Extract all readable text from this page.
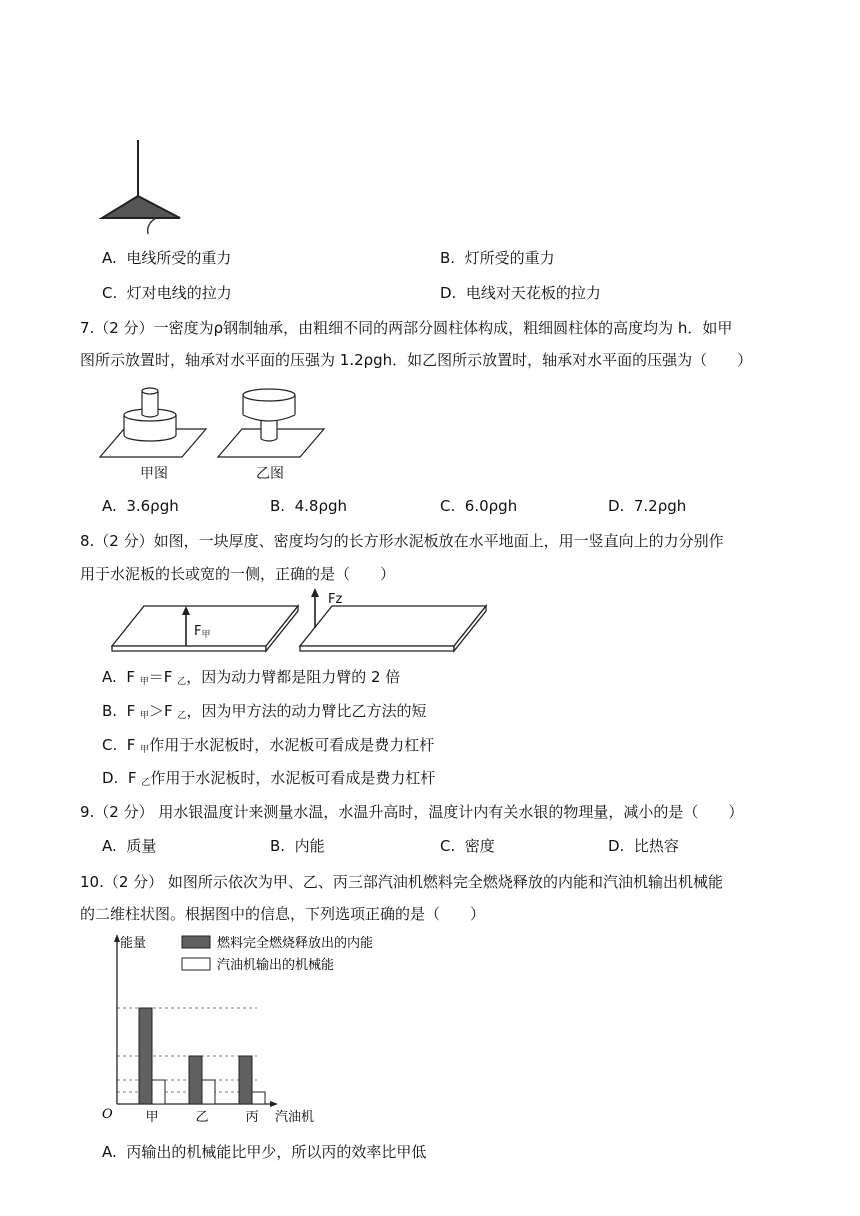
A. 电线所受的重力	B. 灯所受的重力
C. 灯对电线的拉力	D. 电线对天花板的拉力
7.（2 分）一密度为ρ钢制轴承，由粗细不同的两部分圆柱体构成，粗细圆柱体的高度均为 h．如甲
图所示放置时，轴承对水平面的压强为 1.2ρgh．如乙图所示放置时，轴承对水平面的压强为（　　）
甲图	乙图
A. 3.6ρgh	B. 4.8ρgh	C. 6.0ρgh	D. 7.2ρgh
8.（2 分）如图，一块厚度、密度均匀的长方形水泥板放在水平地面上，用一竖直向上的力分别作
用于水泥板的长或宽的一侧，正确的是（　　）
$F_甲$
Fz
A. F $_甲$＝F $_乙$，因为动力臂都是阻力臂的 2 倍
B. F $_甲$＞F $_乙$，因为甲方法的动力臂比乙方法的短
C. F $_甲$作用于水泥板时，水泥板可看成是费力杠杆
D. F $_乙$作用于水泥板时，水泥板可看成是费力杠杆
9.（2 分） 用水银温度计来测量水温，水温升高时，温度计内有关水银的物理量，减小的是（　　）
A. 质量	B. 内能	C. 密度	D. 比热容
10.（2 分） 如图所示依次为甲、乙、丙三部汽油机燃料完全燃烧释放的内能和汽油机输出机械能
的二维柱状图。根据图中的信息，下列选项正确的是（　　）
甲	乙	丙 汽油机
能量
O
燃料完全燃烧释放出的内能
汽油机输出的机械能
A. 丙输出的机械能比甲少，所以丙的效率比甲低
